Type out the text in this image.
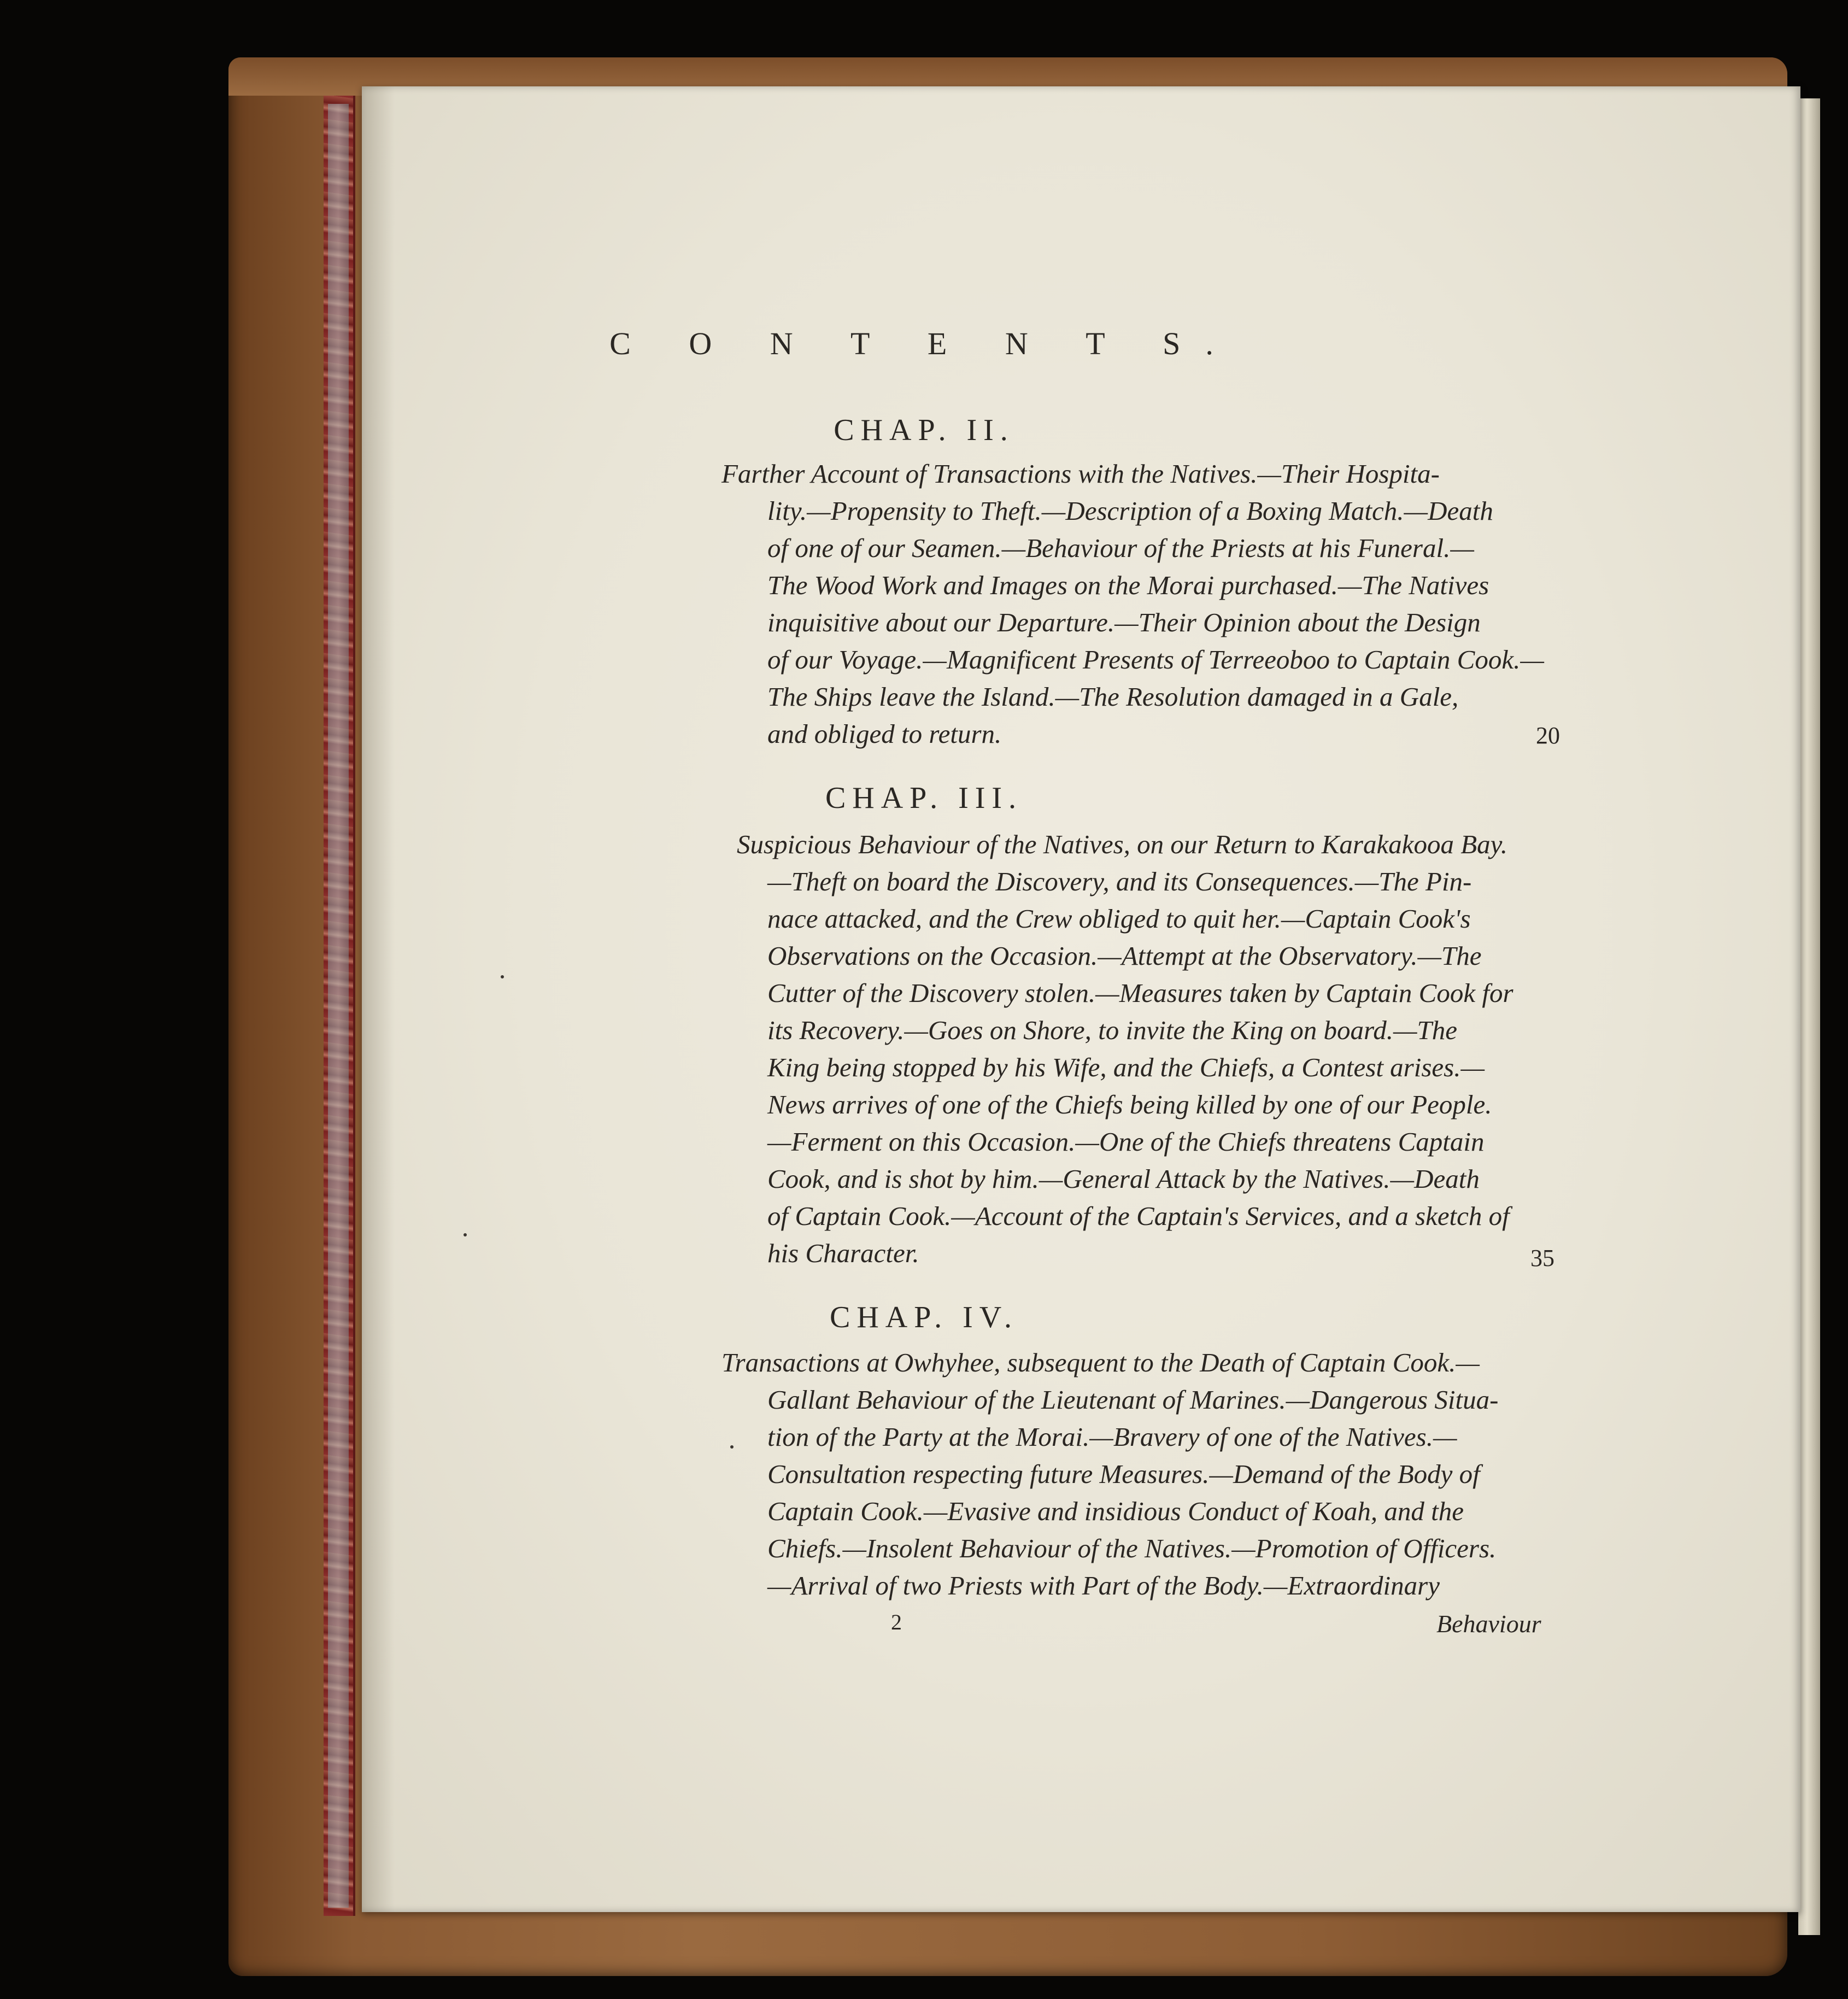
C O N T E N T S.
CHAP. II.
Farther Account of Transactions with the Natives.—Their Hospita-
lity.—Propensity to Theft.—Description of a Boxing Match.—Death
of one of our Seamen.—Behaviour of the Priests at his Funeral.—
The Wood Work and Images on the Morai purchased.—The Natives
inquisitive about our Departure.—Their Opinion about the Design
of our Voyage.—Magnificent Presents of Terreeoboo to Captain Cook.—
The Ships leave the Island.—The Resolution damaged in a Gale,
and obliged to return.	20
CHAP. III.
Suspicious Behaviour of the Natives, on our Return to Karakakooa Bay.
—Theft on board the Discovery, and its Consequences.—The Pin-
nace attacked, and the Crew obliged to quit her.—Captain Cook's
Observations on the Occasion.—Attempt at the Observatory.—The
Cutter of the Discovery stolen.—Measures taken by Captain Cook for
its Recovery.—Goes on Shore, to invite the King on board.—The
King being stopped by his Wife, and the Chiefs, a Contest arises.—
News arrives of one of the Chiefs being killed by one of our People.
—Ferment on this Occasion.—One of the Chiefs threatens Captain
Cook, and is shot by him.—General Attack by the Natives.—Death
of Captain Cook.—Account of the Captain's Services, and a sketch of
his Character.	35
CHAP. IV.
Transactions at Owhyhee, subsequent to the Death of Captain Cook.—
Gallant Behaviour of the Lieutenant of Marines.—Dangerous Situa-
tion of the Party at the Morai.—Bravery of one of the Natives.—
Consultation respecting future Measures.—Demand of the Body of
Captain Cook.—Evasive and insidious Conduct of Koah, and the
Chiefs.—Insolent Behaviour of the Natives.—Promotion of Officers.
—Arrival of two Priests with Part of the Body.—Extraordinary
2	Behaviour
